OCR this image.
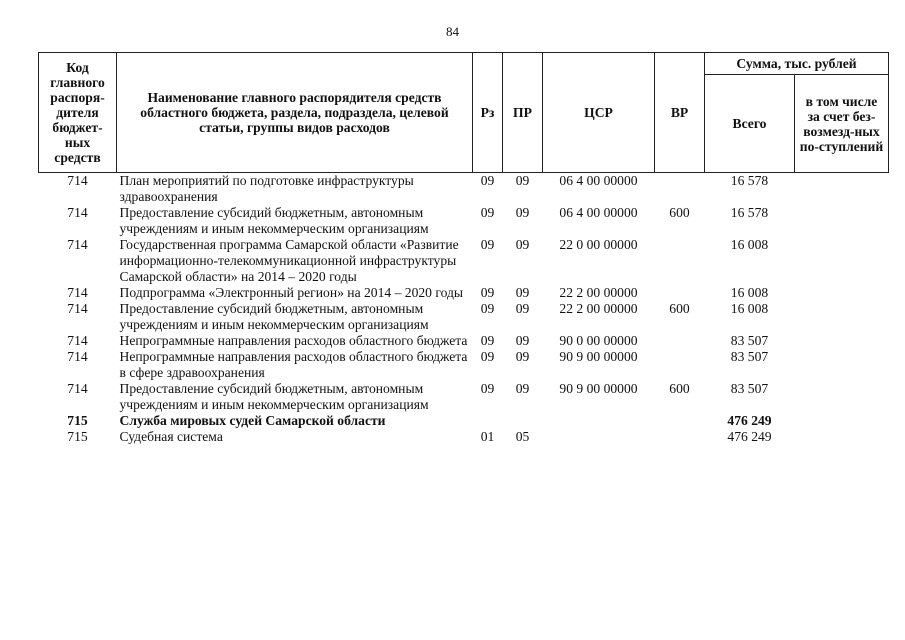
84
Код главного распоря-дителя бюджет-ных средств	Наименование главного распорядителя средств областного бюджета, раздела, подраздела, целевой статьи, группы видов расходов	Рз	ПР	ЦСР	ВР	Сумма, тыс. рублей	
						Всего	в том числе за счет без-возмезд-ных по-ступлений
714	План мероприятий по подготовке инфраструктуры здравоохранения	09	09	06 4 00 00000		16 578	
714	Предоставление субсидий бюджетным, автономным учреждениям и иным некоммерческим организациям	09	09	06 4 00 00000	600	16 578	
714	Государственная программа Самарской области «Развитие информационно-телекоммуникационной инфраструктуры Самарской области» на 2014 – 2020 годы	09	09	22 0 00 00000		16 008	
714	Подпрограмма «Электронный регион» на 2014 – 2020 годы	09	09	22 2 00 00000		16 008	
714	Предоставление субсидий бюджетным, автономным учреждениям и иным некоммерческим организациям	09	09	22 2 00 00000	600	16 008	
714	Непрограммные направления расходов областного бюджета	09	09	90 0 00 00000		83 507	
714	Непрограммные направления расходов областного бюджета в сфере здравоохранения	09	09	90 9 00 00000		83 507	
714	Предоставление субсидий бюджетным, автономным учреждениям и иным некоммерческим организациям	09	09	90 9 00 00000	600	83 507	
715	Служба мировых судей Самарской области					476 249	
715	Судебная система	01	05			476 249	
